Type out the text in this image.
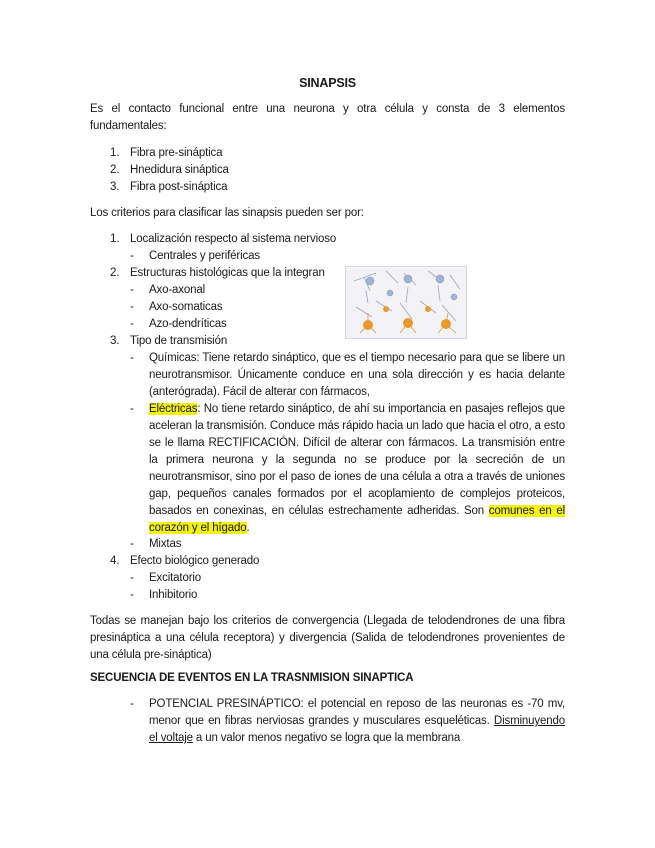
SINAPSIS
Es el contacto funcional entre una neurona y otra célula y consta de 3 elementos fundamentales:
1. Fibra pre-sináptica
2. Hnedidura sináptica
3. Fibra post-sináptica
Los criterios para clasificar las sinapsis pueden ser por:
1. Localización respecto al sistema nervioso
- Centrales y periféricas
2. Estructuras histológicas que la integran
- Axo-axonal
- Axo-somaticas
- Azo-dendríticas
3. Tipo de transmisión
- Químicas: Tiene retardo sináptico, que es el tiempo necesario para que se libere un neurotransmisor. Únicamente conduce en una sola dirección y es hacia delante (anterógrada). Fácil de alterar con fármacos,
- Eléctricas: No tiene retardo sináptico, de ahí su importancia en pasajes reflejos que aceleran la transmisión. Conduce más rápido hacia un lado que hacia el otro, a esto se le llama RECTIFICACIÓN. Difícil de alterar con fármacos. La transmisión entre la primera neurona y la segunda no se produce por la secreción de un neurotransmisor, sino por el paso de iones de una célula a otra a través de uniones gap, pequeños canales formados por el acoplamiento de complejos proteicos, basados en conexinas, en células estrechamente adheridas. Son comunes en el corazón y el hígado.
- Mixtas
4. Efecto biológico generado
- Excitatorio
- Inhibitorio
Todas se manejan bajo los criterios de convergencia (Llegada de telodendrones de una fibra presináptica a una célula receptora) y divergencia (Salida de telodendrones provenientes de una célula pre-sináptica)
SECUENCIA DE EVENTOS EN LA TRASNMISION SINAPTICA
- POTENCIAL PRESINÁPTICO: el potencial en reposo de las neuronas es -70 mv, menor que en fibras nerviosas grandes y musculares esqueléticas. Disminuyendo el voltaje a un valor menos negativo se logra que la membrana
